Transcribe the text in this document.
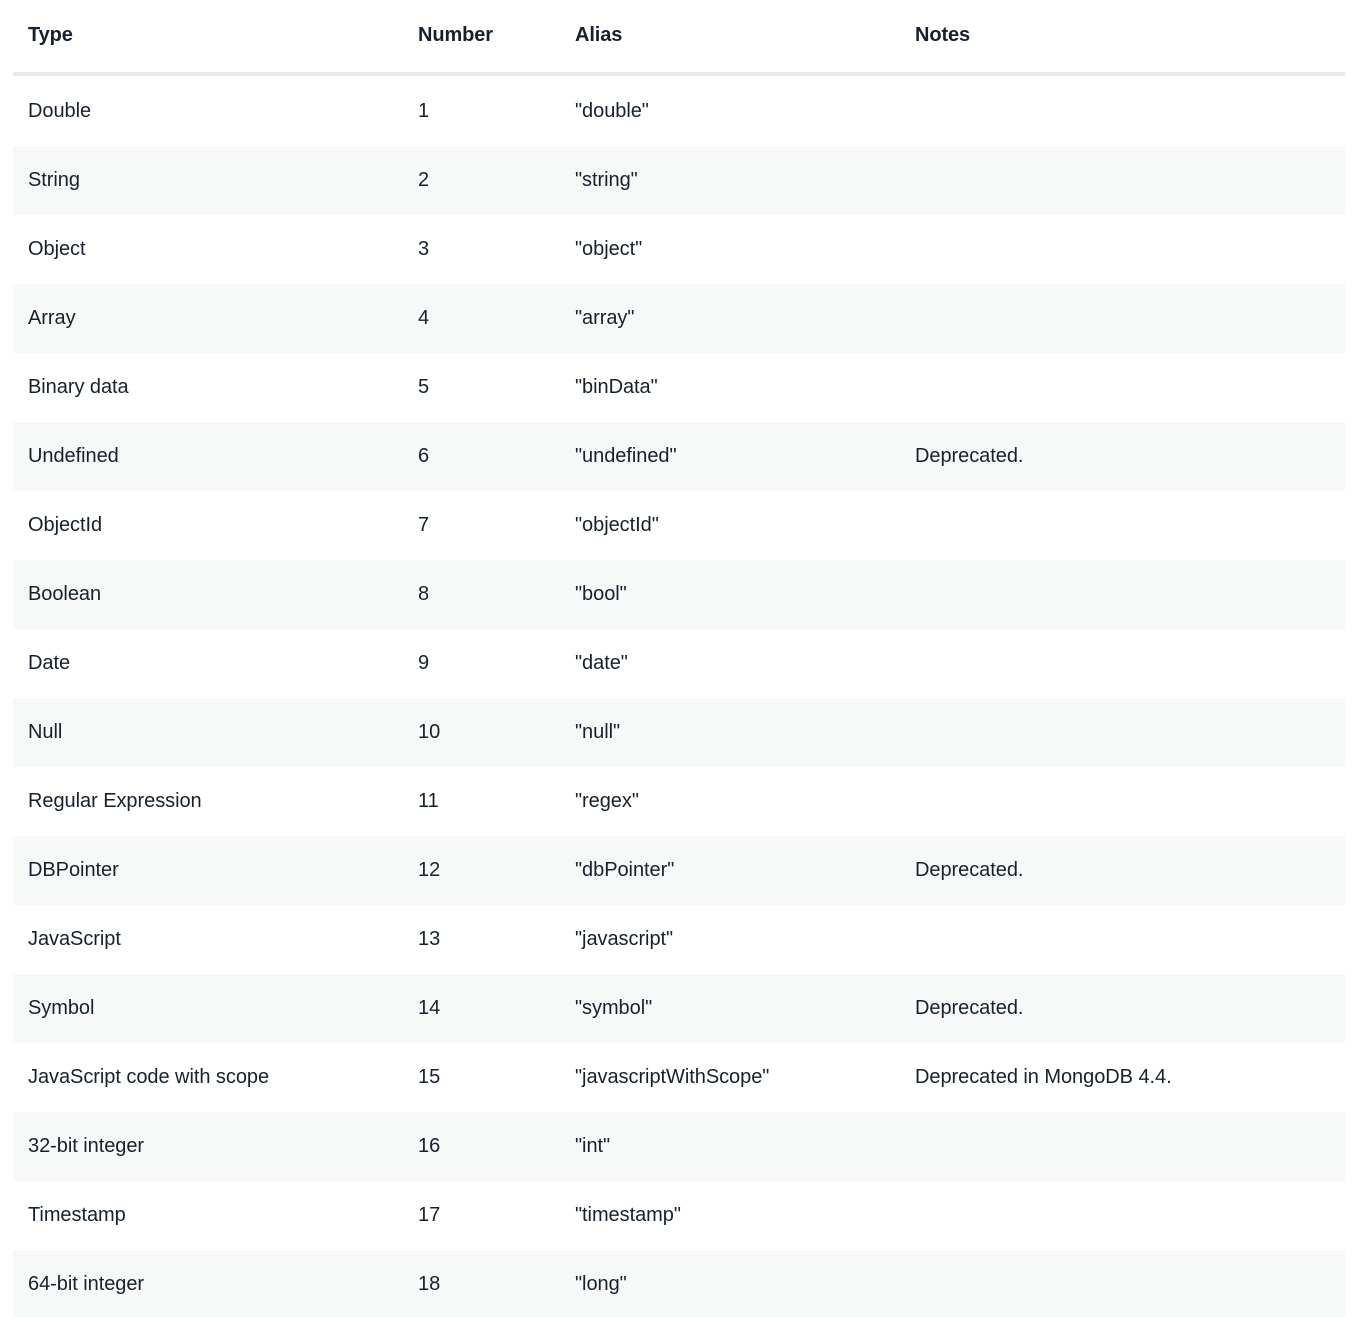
Type	Number	Alias	Notes

Double	1	"double"	
String	2	"string"	
Object	3	"object"	
Array	4	"array"	
Binary data	5	"binData"	
Undefined	6	"undefined"	Deprecated.
ObjectId	7	"objectId"	
Boolean	8	"bool"	
Date	9	"date"	
Null	10	"null"	
Regular Expression	11	"regex"	
DBPointer	12	"dbPointer"	Deprecated.
JavaScript	13	"javascript"	
Symbol	14	"symbol"	Deprecated.
JavaScript code with scope	15	"javascriptWithScope"	Deprecated in MongoDB 4.4.
32-bit integer	16	"int"	
Timestamp	17	"timestamp"	
64-bit integer	18	"long"	
